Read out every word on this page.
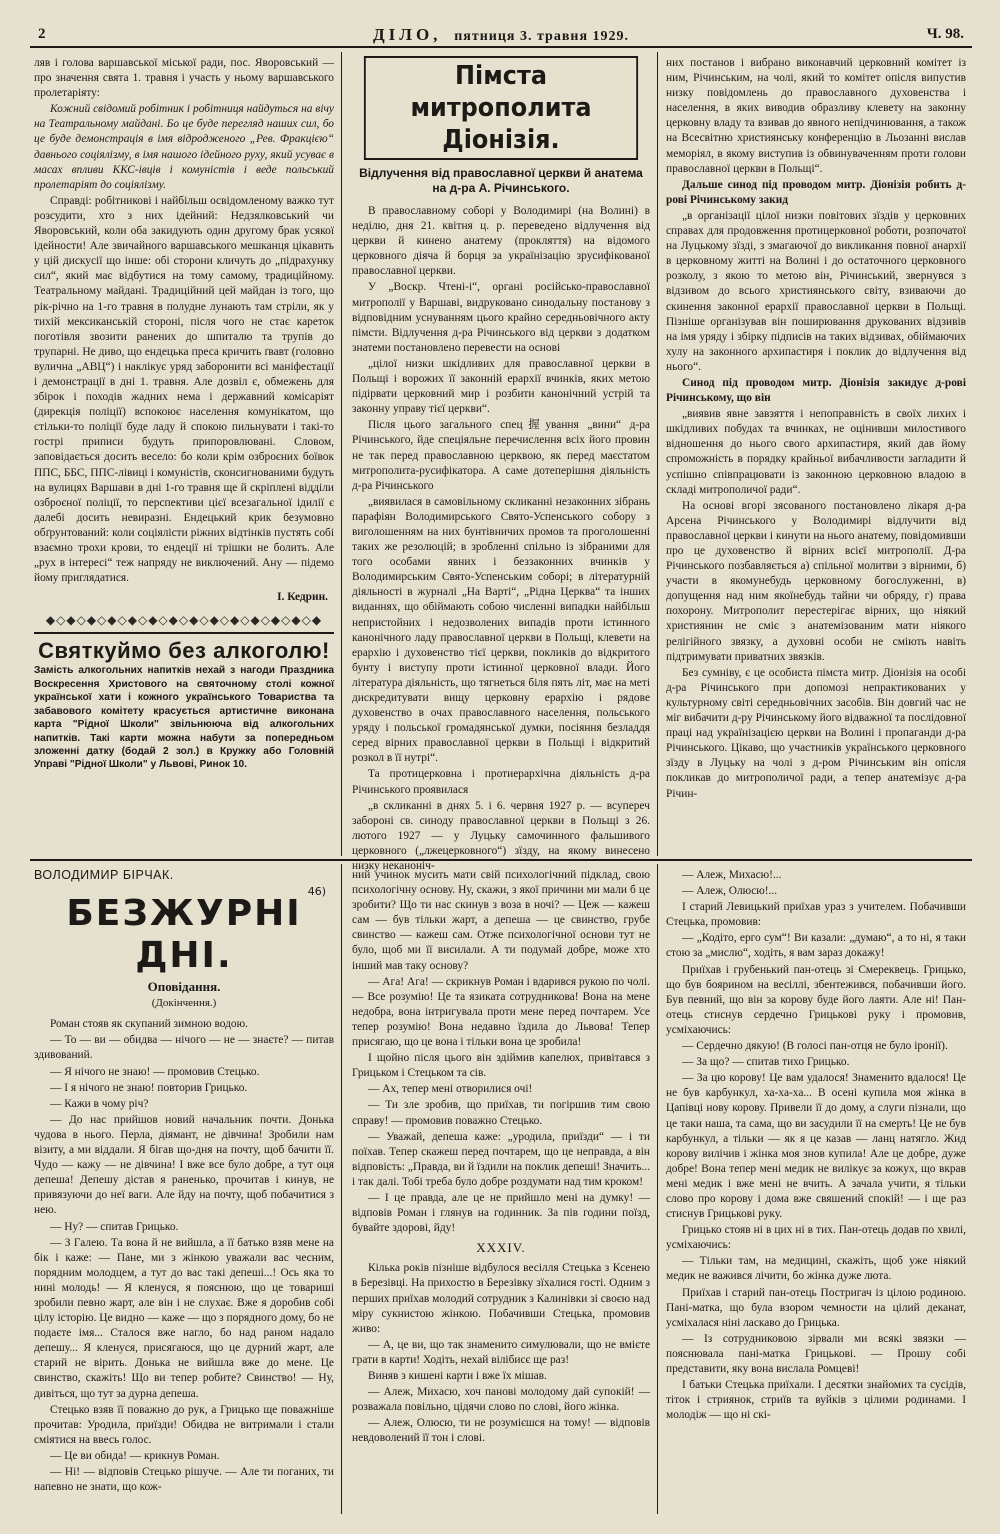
2	ДІЛО, пятниця 3. травня 1929.	Ч. 98.

ляв і голова варшавської міської ради, пос. Яворовський — про значення свята 1. травня і участь у ньому варшавського пролетаріяту:

Кожний свідомий робітник і робітниця найдуться на вічу на Театральному майдані. Бо це буде перегляд наших сил, бо це буде демонстрація в імя відродженого „Рев. Фракцією“ давнього соціялізму, в імя нашого ідейного руху, який усуває в масах впливи ККС-івців і комуністів і веде польський пролетаріят до соціялізму.

Справді: робітникові і найбільш освідомленому важко тут розсудити, хто з них ідейний: Недзялковський чи Яворовський, коли оба закидують один другому брак усякої ідейности! Але звичайного варшавського мешканця цікавить у цій дискусії що інше: обі сторони кличуть до „підрахунку сил“, який має відбутися на тому самому, традиційному. Театральному майдані. Традиційний цей майдан із того, що рік-річно на 1-го травня в полудне лунають там стріли, як у тихій мексиканській стороні, після чого не стає кареток поготівля звозити ранених до шпиталю та трупів до трупарні. Не диво, що ендецька преса кричить ґвавт (головно вулична „АВЦ“) і наклікує уряд заборонити всі маніфестації і демонстрації в дні 1. травня. Але дозвіл є, обмежень для збірок і походів жадних нема і державний комісаріят (дирекція поліції) вспокоює населення комунікатом, що стільки-то поліції буде ладу й спокою пильнувати і такі-то гострі приписи будуть припоровлювані. Словом, заповідається досить весело: бо коли крім озброєних боївок ППС, ББС, ППС-лівиці і комуністів, сконсигнованими будуть на вулицях Варшави в дні 1-го травня ще й скріплені відділи озброєної поліції, то перспективи цієї всезагальної ідилії є далебі досить невиразні. Ендецький крик безумовно обґрунтований: коли соціялісти ріжних відтінків пустять собі взаємно трохи крови, то ендеції ні трішки не болить. Але „рух в інтересі“ теж напряду не виключений. Ану — підемо йому приглядатися.

І. Кедрин.
◆◇◆◇◆◇◆◇◆◇◆◇◆◇◆◇◆◇◆◇◆◇◆◇◆◇◆
Святкуймо без алкоголю!

Замість алкогольних напитків нехай з нагоди Праздника Воскресення Христового на святочному столі кожної української хати і кожного українського Товариства та забавового комітету красується артистичне виконана карта "Рідної Школи" звільнююча від алкогольних напитків. Такі карти можна набути за попередньом зложенні датку (бодай 2 зол.) в Кружку або Головній Управі "Рідної Школи" у Львові, Ринок 10.

Пімста митрополита Діонізія.
Відлучення від православної церкви й анатема на д-ра А. Річинського.

В православному соборі у Володимирі (на Волині) в неділю, дня 21. квітня ц. р. переведено відлучення від церкви й кинено анатему (прокляття) на відомого церковного діяча й борця за українізацію зрусифікованої православної церкви.

У „Воскр. Чтені-і“, органі російсько-православної митрополії у Варшаві, видруковано синодальну постанову з відповідним уснуванням цього крайно середньовічного акту пімсти. Відлучення д-ра Річинського від церкви з додатком знатеми постановлено перевести на основі

„цілої низки шкідливих для православної церкви в Польщі і ворожих її законній ерархії вчинків, яких метою підірвати церковний мир і розбити канонічний устрій та законну управу тієї церкви“.

Після цього загального спец握ування „вини“ д-ра Річинського, йде спеціяльне перечислення всіх його провин не так перед православною церквою, як перед маєстатом митрополита-русифікатора. А саме дотеперішня діяльність д-ра Річинського

„виявилася в самовільному скликанні незаконних зібрань парафіян Володимирського Свято-Успенського собору з виголошенням на них бунтівничих промов та проголошенні таких же резолюцій; в зробленні спільно із зібраними для того особами явних і беззаконних вчинків у Володимирським Свято-Успенським соборі; в літературній діяльності в журналі „На Варті“, „Рідна Церква“ та інших виданнях, що обіймають собою численні випадки найбільш непристойних і недозволених випадів проти істинного канонічного ладу православної церкви в Польщі, клевети на ерархію і духовенство тієї церкви, покликів до відкритого бунту і виступу проти істинної церковної влади. Його література діяльність, що тягнеться біля пять літ, має на меті дискредитувати вищу церковну ерархію і рядове духовенство в очах православного населення, польського уряду і польської громадянської думки, посіяння безладдя серед вірних православної церкви в Польщі і відкритий розкол в її нутрі“.

Та протицерковна і протиерархічна діяльність д-ра Річинського проявилася

„в скликанні в днях 5. і 6. червня 1927 р. — всупереч забороні св. синоду православної церкви в Польщі з 26. лютого 1927 — у Луцьку самочинного фальшивого церковного („лжецерковного“) зїзду, на якому винесено низку неканоніч-

них постанов і вибрано виконавчий церковний комітет із ним, Річинським, на чолі, який то комітет опісля випустив низку повідомлень до православного духовенства і населення, в яких виводив образливу клевету на законну церковну владу та взивав до явного непідчинювання, а також на Всесвітню християнську конференцію в Льозанні вислав меморіял, в якому виступив із обвинуваченням проти голови православної церкви в Польщі“.

Дальше синод під проводом митр. Діонізія робить д-рові Річинському закид

„в організації цілої низки повітових зїздів у церковних справах для продовження протицерковної роботи, розпочатої на Луцькому зїзді, з змагаючої до викликання повної анархії в церковному житті на Волині і до остаточного церковного розколу, з якою то метою він, Річинський, звернувся з відзивом до всього християнського світу, взиваючи до скинення законної ерархії православної церкви в Польщі. Пізніше організував він поширювання друкованих відзивів на імя уряду і збірку підписів на таких відзивах, обіймаючих хулу на законного архипастиря і поклик до відлучення від нього“.

Синод під проводом митр. Діонізія закидує д-рові Річинському, що він

„виявив явне завзяття і непоправність в своїх лихих і шкідливих побудах та вчинках, не оцінивши милостивого відношення до нього свого архипастиря, який дав йому спроможність в порядку крайньої вибачливости загладити й успішно співпрацювати із законною церковною владою в складі митрополичої ради“.

На основі вгорі зясованого постановлено лікаря д-ра Арсена Річинського у Володимирі відлучити від православної церкви і кинути на нього анатему, повідомивши про це духовенство й вірних всієї митрополії. Д-ра Річинського позбавляється а) спільної молитви з вірними, б) участи в якомунебудь церковному богослуженні, в) допущення над ним якоїнебудь тайни чи обряду, г) права похорону. Митрополит перестерігає вірних, що ніякий християнин не сміє з анатемізованим мати ніякого релігійного звязку, а духовні особи не сміють навіть підтримувати приватних звязків.

Без сумніву, є це особиста пімста митр. Діонізія на особі д-ра Річинського при допомозі непрактикованих у культурному світі середньовічних засобів. Він довгий час не міг вибачити д-ру Річинському його відважної та послідовної праці над українізацією церкви на Волині і пропаганди д-ра Річинського. Цікаво, що участників українського церковного зїзду в Луцьку на чолі з д-ром Річинським він опісля покликав до митрополичої ради, а тепер анатемізує д-ра Річин-

ВОЛОДИМИР БІРЧАК.
БЕЗЖУРНІ ДНІ.
46)
Оповідання.
(Докінчення.)

Роман стояв як скупаний зимною водою.

— То — ви — обидва — нічого — не — знаєте? — питав здивований.

— Я нічого не знаю! — промовив Стецько.

— І я нічого не знаю! повторив Грицько.

— Кажи в чому річ?

— До нас прийшов новий начальник почти. Донька чудова в нього. Перла, діямант, не дівчина! Зробили нам візиту, а ми віддали. Я бігав що-дня на почту, щоб бачити її. Чудо — кажу — не дівчина! І вже все було добре, а тут оця депеша! Депешу дістав я раненько, прочитав і кинув, не привязуючи до неї ваги. Але йду на почту, щоб побачитися з нею.

— Ну? — спитав Грицько.

— З Галею. Та вона й не вийшла, а її батько взяв мене на бік і каже: — Пане, ми з жінкою уважали вас чесним, порядним молодцем, а тут до вас такі депеші...! Ось яка то нині молодь! — Я кленуся, я пояснюю, що це товариші зробили певно жарт, але він і не слухає. Вже я доробив собі цілу історію. Це видно — каже — що з порядного дому, бо не подаєте імя... Сталося вже нагло, бо над раном надало депешу... Я кленуся, присягаюся, що це дурний жарт, але старий не вірить. Донька не вийшла вже до мене. Це свинство, скажіть! Що ви тепер робите? Свинство! — Ну, дивіться, що тут за дурна депеша.

Стецько взяв її поважно до рук, а Грицько ще поважніше прочитав: Уродила, приїзди! Обидва не витримали і стали сміятися на ввесь голос.

— Це ви обида! — крикнув Роман.

— Ні! — відповів Стецько рішуче. — Але ти поганих, ти напевно не знати, що кож-

ний учинок мусить мати свій психологічний підклад, свою психологічну основу. Ну, скажи, з якої причини ми мали б це зробити? Що ти нас скинув з воза в ночі? — Цеж — кажеш сам — був тільки жарт, а депеша — це свинство, грубе свинство — кажеш сам. Отже психологічної основи тут не було, щоб ми її висилали. А ти подумай добре, може хто інший мав таку основу?

— Ага! Ага! — скрикнув Роман і вдарився рукою по чолі. — Все розумію! Це та язиката сотрудникова! Вона на мене недобра, вона інтригувала проти мене перед почтарем. Усе тепер розумію! Вона недавно їздила до Львова! Тепер присягаю, що це вона і тільки вона це зробила!

І щойно після цього він здіймив капелюх, привітався з Грицьком і Стецьком та сів.

— Ах, тепер мені отворилися очі!

— Ти зле зробив, що приїхав, ти погіршив тим свою справу! — промовив поважно Стецько.

— Уважай, депеша каже: „уродила, приїзди“ — і ти поїхав. Тепер скажеш перед почтарем, що це неправда, а він відповість: „Правда, ви й їздили на поклик депеші! Значить... і так далі. Тобі треба було добре роздумати над тим кроком!

— І це правда, але це не прийшло мені на думку! — відповів Роман і глянув на годинник. За пів години поїзд, бувайте здорові, йду!

XXXIV.

Кілька років пізніше відбулося весілля Стецька з Ксенею в Березівці. На прихостю в Березівку зїхалися гості. Одним з перших приїхав молодий сотрудник з Калинівки зі своєю над міру сукнистою жінкою. Побачивши Стецька, промовив живо:

— А, це ви, що так знаменито симулювали, що не вмієте грати в карти! Ходіть, нехай вілібисє ще раз!

Виняв з кишені карти і вже їх мішав.

— Алеж, Михасю, хоч панові молодому дай супокій! — розважала повільно, цідячи слово по слові, його жінка.

— Алеж, Олюсю, ти не розумієшся на тому! — відповів невдоволений її тон і слові.

— Алеж, Михасю!...

— Алеж, Олюсю!...

І старий Левицький приїхав ураз з учителем. Побачивши Стецька, промовив:

— „Кодіто, ерго сум“! Ви казали: „думаю“, а то ні, я таки стою за „мислю“, ходіть, я вам зараз докажу!

Приїхав і грубенький пан-отець зі Смереквець. Грицько, що був боярином на весіллі, збентежився, побачивши його. Був певний, що він за корову буде його лаяти. Але ні! Пан-отець стиснув сердечно Грицькові руку і промовив, усміхаючись:

— Сердечно дякую! (В голосі пан-отця не було іронії).

— За що? — спитав тихо Грицько.

— За цю корову! Це вам удалося! Знаменито вдалося! Це не був карбункул, ха-ха-ха... В осені купила моя жінка в Цапівці нову корову. Привели її до дому, а слуги пізнали, що це таки наша, та сама, що ви засудили її на смерть! Це не був карбункул, а тільки — як я це казав — ланц натягло. Жид корову вилічив і жінка моя знов купила! Але це добре, дуже добре! Вона тепер мені медик не вилікує за кожух, що вкрав мені медик і вже мені не вчить. А зачала учити, я тільки слово про корову і дома вже свяшений спокій! — і ще раз стиснув Грицькові руку.

Грицько стояв ні в цих ні в тих. Пан-отець додав по хвилі, усміхаючись:

— Тільки там, на медицині, скажіть, щоб уже ніякий медик не важився лічити, бо жінка дуже люта.

Приїхав і старий пан-отець Постригач із цілою родиною. Пані-матка, що була взором чемности на цілий деканат, усміхалася ніні ласкаво до Грицька.

— Із сотрудниковою зірвали ми всякі звязки — пояснювала пані-матка Грицькові. — Прошу собі представити, яку вона вислала Ромцеві!

І батьки Стецька приїхали. І десятки знайомих та сусідів, тіток і стриянок, стриїв та вуйків з цілими родинами. І молодіж — що ні скі-
